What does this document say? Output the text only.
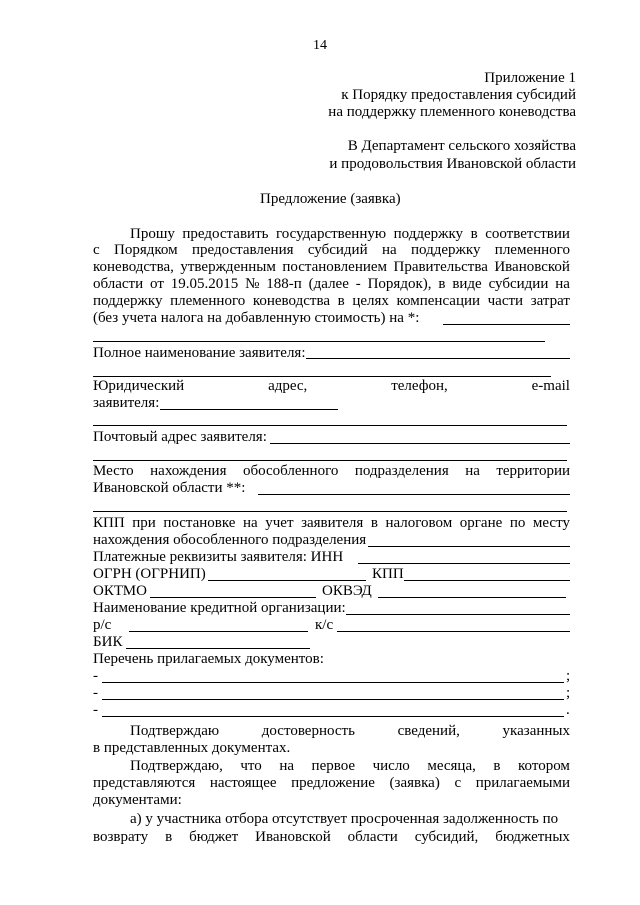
14
Приложение 1
к Порядку предоставления субсидий
на поддержку племенного коневодства
В Департамент сельского хозяйства
и продовольствия Ивановской области
Предложение (заявка)
Прошу предоставить государственную поддержку в соответствии
с Порядком предоставления субсидий на поддержку племенного
коневодства, утвержденным постановлением Правительства Ивановской
области от 19.05.2015 № 188-п (далее - Порядок), в виде субсидии на
поддержку племенного коневодства в целях компенсации части затрат
(без учета налога на добавленную стоимость) на *:
Полное наименование заявителя:
Юридический	адрес,	телефон,	e-mail
заявителя:
Почтовый адрес заявителя:
Место нахождения обособленного подразделения на территории
Ивановской области **:
КПП при постановке на учет заявителя в налоговом органе по месту
нахождения обособленного подразделения
Платежные реквизиты заявителя: ИНН
ОГРН (ОГРНИП)	КПП
ОКТМО	ОКВЭД
Наименование кредитной организации:
р/с	к/с
БИК
Перечень прилагаемых документов:
-	;
-	;
-	.
Подтверждаю	достоверность	сведений,	указанных
в представленных документах.
Подтверждаю, что на первое число месяца, в котором
представляются настоящее предложение (заявка) с прилагаемыми
документами:
а) у участника отбора отсутствует просроченная задолженность по
возврату в бюджет Ивановской области субсидий, бюджетных
